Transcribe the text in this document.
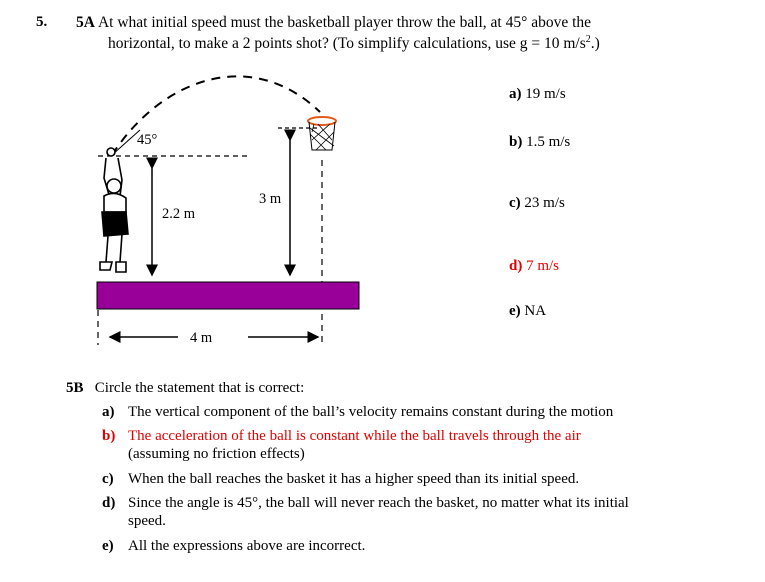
5. 5A At what initial speed must the basketball player throw the ball, at 45° above the
horizontal, to make a 2 points shot? (To simplify calculations, use g = 10 $m/s^2$.)
45°
2.2 m
3 m
4 m
a) 19 m/s
b) 1.5 m/s
c) 23 m/s
d) 7 m/s
e) NA
5B Circle the statement that is correct:
a) The vertical component of the ball’s velocity remains constant during the motion
b) The acceleration of the ball is constant while the ball travels through the air
(assuming no friction effects)
c) When the ball reaches the basket it has a higher speed than its initial speed.
d) Since the angle is 45°, the ball will never reach the basket, no matter what its initial
speed.
e) All the expressions above are incorrect.
